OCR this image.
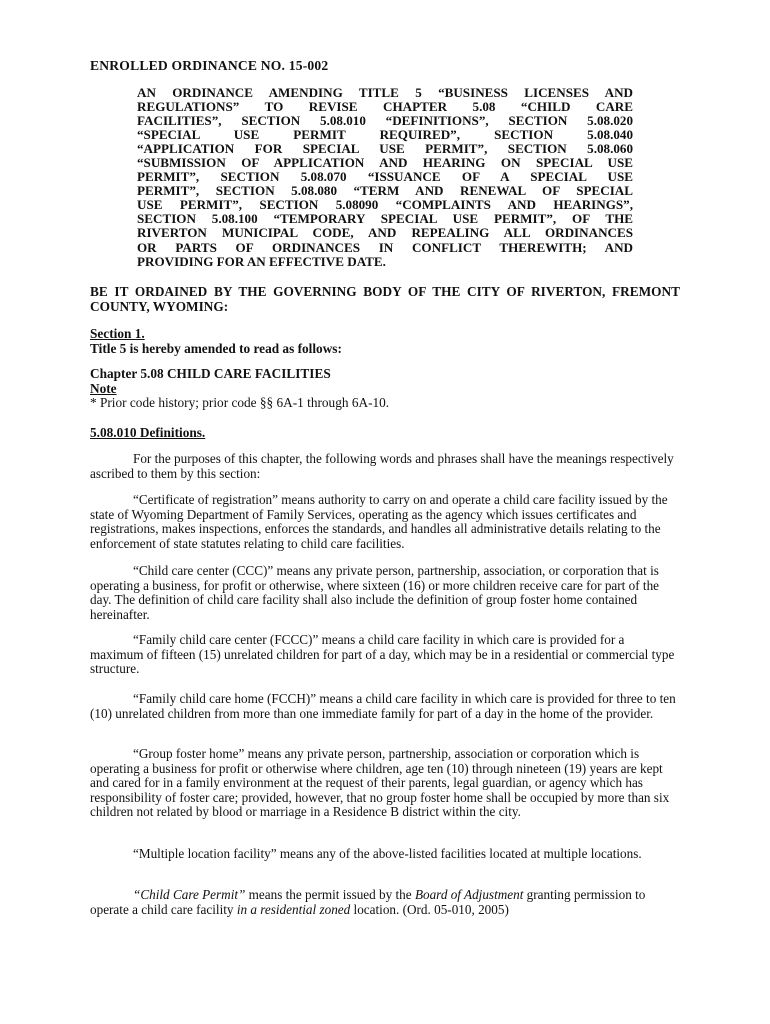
ENROLLED ORDINANCE NO. 15-002

AN ORDINANCE AMENDING TITLE 5 “BUSINESS LICENSES AND
REGULATIONS” TO REVISE CHAPTER 5.08 “CHILD CARE
FACILITIES”, SECTION 5.08.010 “DEFINITIONS”, SECTION 5.08.020
“SPECIAL USE PERMIT REQUIRED”, SECTION 5.08.040
“APPLICATION FOR SPECIAL USE PERMIT”, SECTION 5.08.060
“SUBMISSION OF APPLICATION AND HEARING ON SPECIAL USE
PERMIT”, SECTION 5.08.070 “ISSUANCE OF A SPECIAL USE
PERMIT”, SECTION 5.08.080 “TERM AND RENEWAL OF SPECIAL
USE PERMIT”, SECTION 5.08090 “COMPLAINTS AND HEARINGS”,
SECTION 5.08.100 “TEMPORARY SPECIAL USE PERMIT”, OF THE
RIVERTON MUNICIPAL CODE, AND REPEALING ALL ORDINANCES
OR PARTS OF ORDINANCES IN CONFLICT THEREWITH; AND
PROVIDING FOR AN EFFECTIVE DATE.

BE IT ORDAINED BY THE GOVERNING BODY OF THE CITY OF RIVERTON, FREMONT COUNTY, WYOMING:

Section 1.
Title 5 is hereby amended to read as follows:
Chapter 5.08 CHILD CARE FACILITIES
Note
* Prior code history; prior code §§ 6A-1 through 6A-10.

5.08.010 Definitions.

For the purposes of this chapter, the following words and phrases shall have the meanings respectively ascribed to them by this section:

“Certificate of registration” means authority to carry on and operate a child care facility issued by the state of Wyoming Department of Family Services, operating as the agency which issues certificates and registrations, makes inspections, enforces the standards, and handles all administrative details relating to the enforcement of state statutes relating to child care facilities.

“Child care center (CCC)” means any private person, partnership, association, or corporation that is operating a business, for profit or otherwise, where sixteen (16) or more children receive care for part of the day. The definition of child care facility shall also include the definition of group foster home contained hereinafter.

“Family child care center (FCCC)” means a child care facility in which care is provided for a maximum of fifteen (15) unrelated children for part of a day, which may be in a residential or commercial type structure.

“Family child care home (FCCH)” means a child care facility in which care is provided for three to ten (10) unrelated children from more than one immediate family for part of a day in the home of the provider.

“Group foster home” means any private person, partnership, association or corporation which is operating a business for profit or otherwise where children, age ten (10) through nineteen (19) years are kept and cared for in a family environment at the request of their parents, legal guardian, or agency which has responsibility of foster care; provided, however, that no group foster home shall be occupied by more than six children not related by blood or marriage in a Residence B district within the city.

“Multiple location facility” means any of the above-listed facilities located at multiple locations.

“Child Care Permit” means the permit issued by the Board of Adjustment granting permission to operate a child care facility in a residential zoned location. (Ord. 05-010, 2005)
